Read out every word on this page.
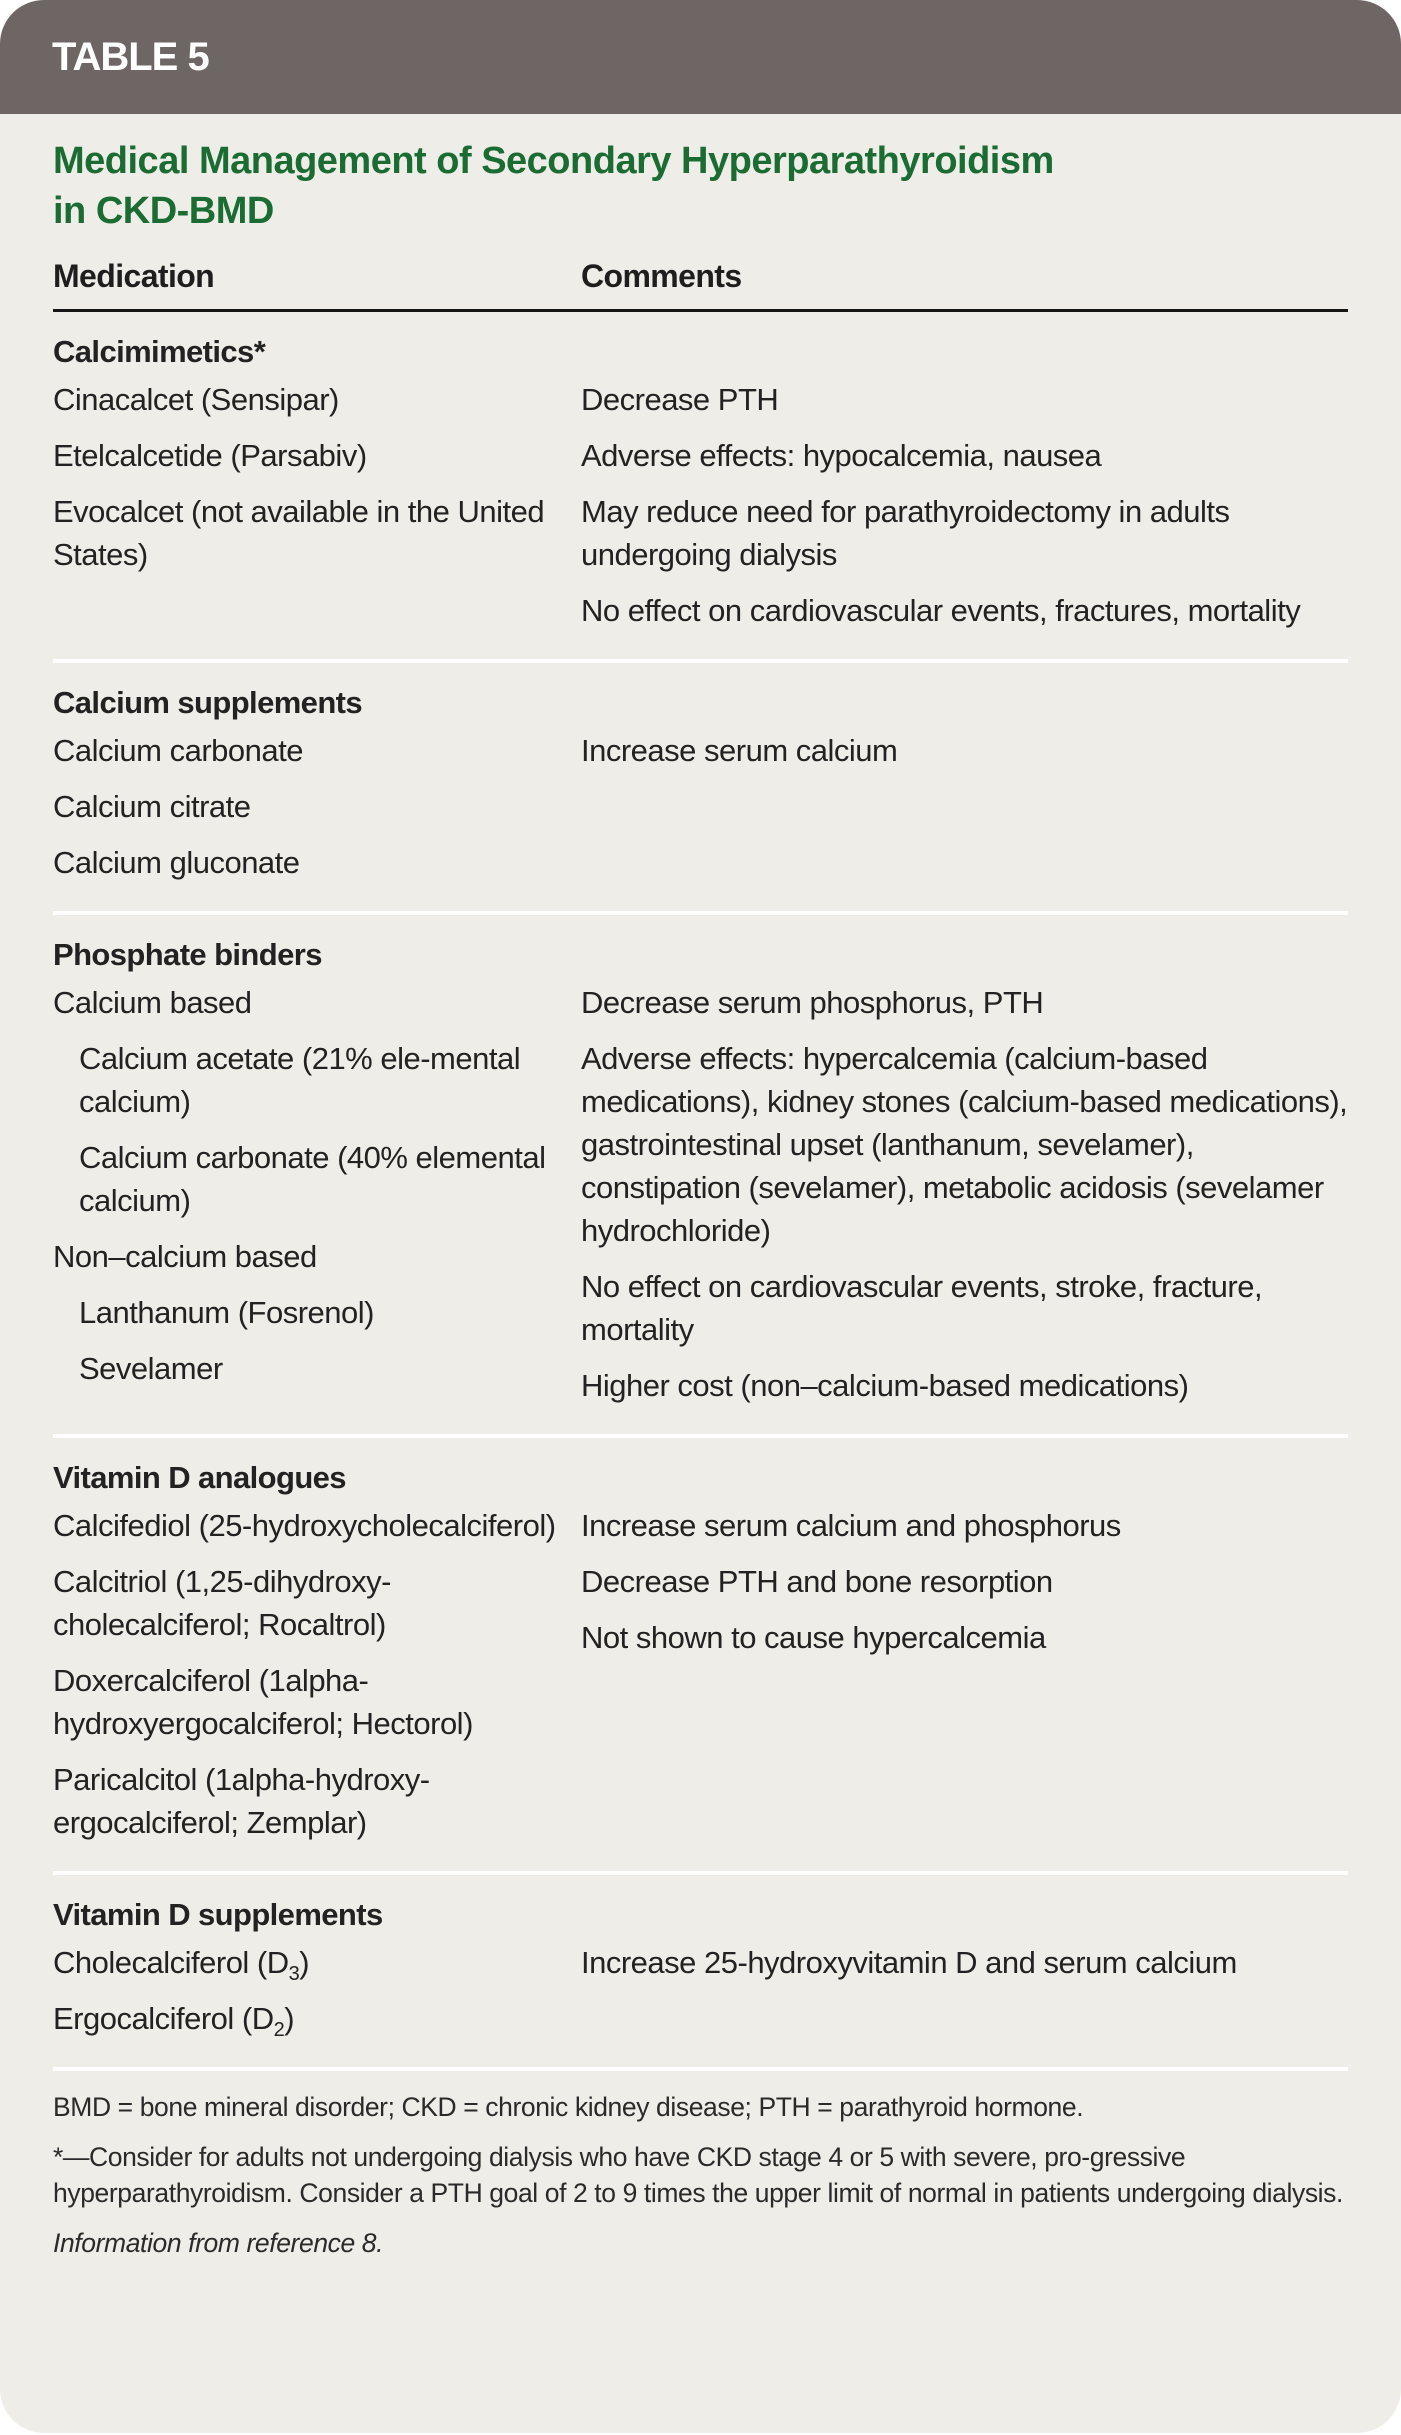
TABLE 5
Medical Management of Secondary Hyperparathyroidism
in CKD-BMD
Medication	Comments
Calcimimetics*
Cinacalcet (Sensipar)
Etelcalcetide (Parsabiv)
Evocalcet (not available in the United States)
Decrease PTH
Adverse effects: hypocalcemia, nausea
May reduce need for parathyroidectomy in adults undergoing dialysis
No effect on cardiovascular events, fractures, mortality
Calcium supplements
Calcium carbonate
Calcium citrate
Calcium gluconate
Increase serum calcium
Phosphate binders
Calcium based
Calcium acetate (21% ele-mental calcium)
Calcium carbonate (40% elemental calcium)
Non–calcium based
Lanthanum (Fosrenol)
Sevelamer
Decrease serum phosphorus, PTH
Adverse effects: hypercalcemia (calcium-based medications), kidney stones (calcium-based medications), gastrointestinal upset (lanthanum, sevelamer), constipation (sevelamer), metabolic acidosis (sevelamer hydrochloride)
No effect on cardiovascular events, stroke, fracture, mortality
Higher cost (non–calcium-based medications)
Vitamin D analogues
Calcifediol (25-hydroxycholecalciferol)
Calcitriol (1,25-dihydroxy-cholecalciferol; Rocaltrol)
Doxercalciferol (1alpha-hydroxyergocalciferol; Hectorol)
Paricalcitol (1alpha-hydroxy-ergocalciferol; Zemplar)
Increase serum calcium and phosphorus
Decrease PTH and bone resorption
Not shown to cause hypercalcemia
Vitamin D supplements
Cholecalciferol $(D_3)$
Ergocalciferol $(D_2)$
Increase 25-hydroxyvitamin D and serum calcium
BMD = bone mineral disorder; CKD = chronic kidney disease; PTH = parathyroid hormone.
*—Consider for adults not undergoing dialysis who have CKD stage 4 or 5 with severe, pro-gressive hyperparathyroidism. Consider a PTH goal of 2 to 9 times the upper limit of normal in patients undergoing dialysis.
Information from reference 8.
